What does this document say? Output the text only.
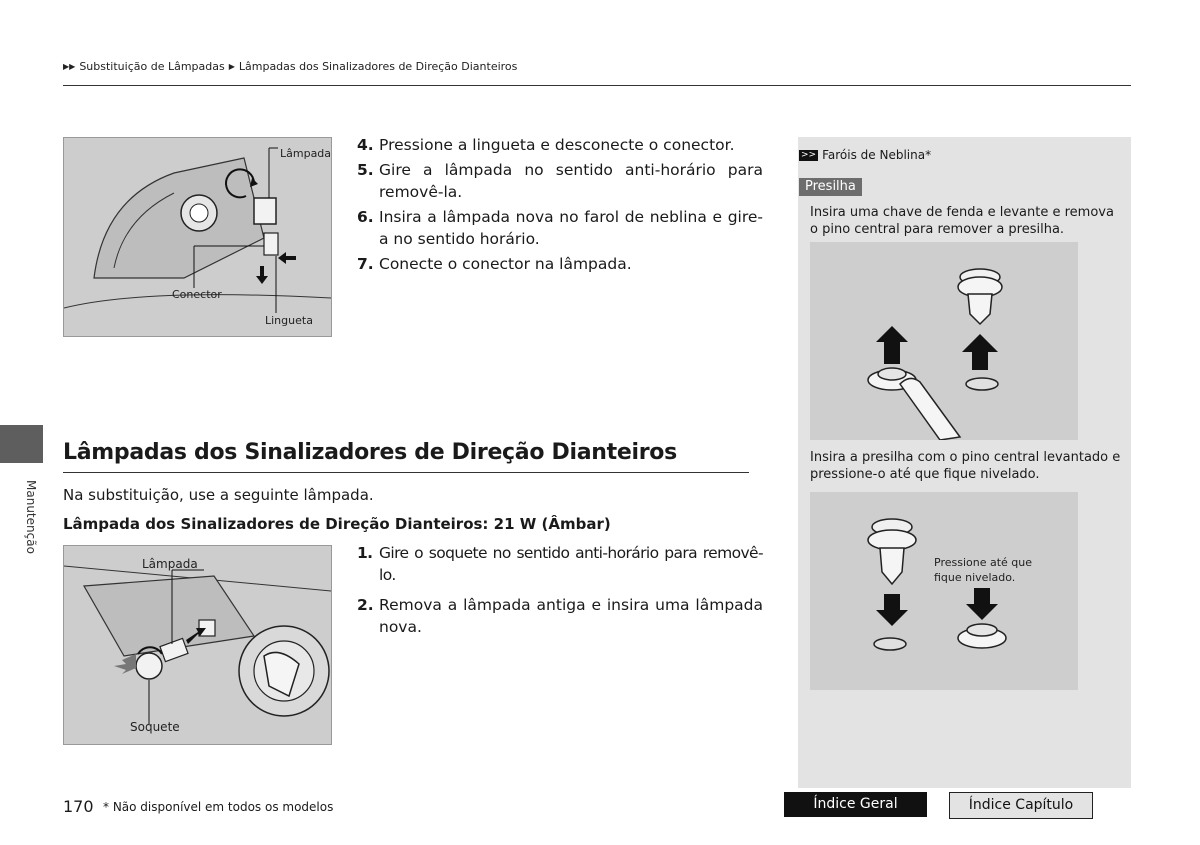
▶▶ Substituição de Lâmpadas ▶ Lâmpadas dos Sinalizadores de Direção Dianteiros
Lâmpada
Conector
Lingueta
4. Pressione a lingueta e desconecte o conector.
5. Gire a lâmpada no sentido anti-horário para removê-la.
6. Insira a lâmpada nova no farol de neblina e gire-a no sentido horário.
7. Conecte o conector na lâmpada.
>> Faróis de Neblina*
Presilha
Insira uma chave de fenda e levante e remova o pino central para remover a presilha.
Insira a presilha com o pino central levantado e pressione-o até que fique nivelado.
Pressione até que fique nivelado.
Lâmpadas dos Sinalizadores de Direção Dianteiros
Na substituição, use a seguinte lâmpada.
Lâmpada dos Sinalizadores de Direção Dianteiros: 21 W (Âmbar)
Lâmpada
Soquete
1. Gire o soquete no sentido anti-horário para removê-lo.
2. Remova a lâmpada antiga e insira uma lâmpada nova.
Manutenção
170 * Não disponível em todos os modelos	Índice Geral	Índice Capítulo
